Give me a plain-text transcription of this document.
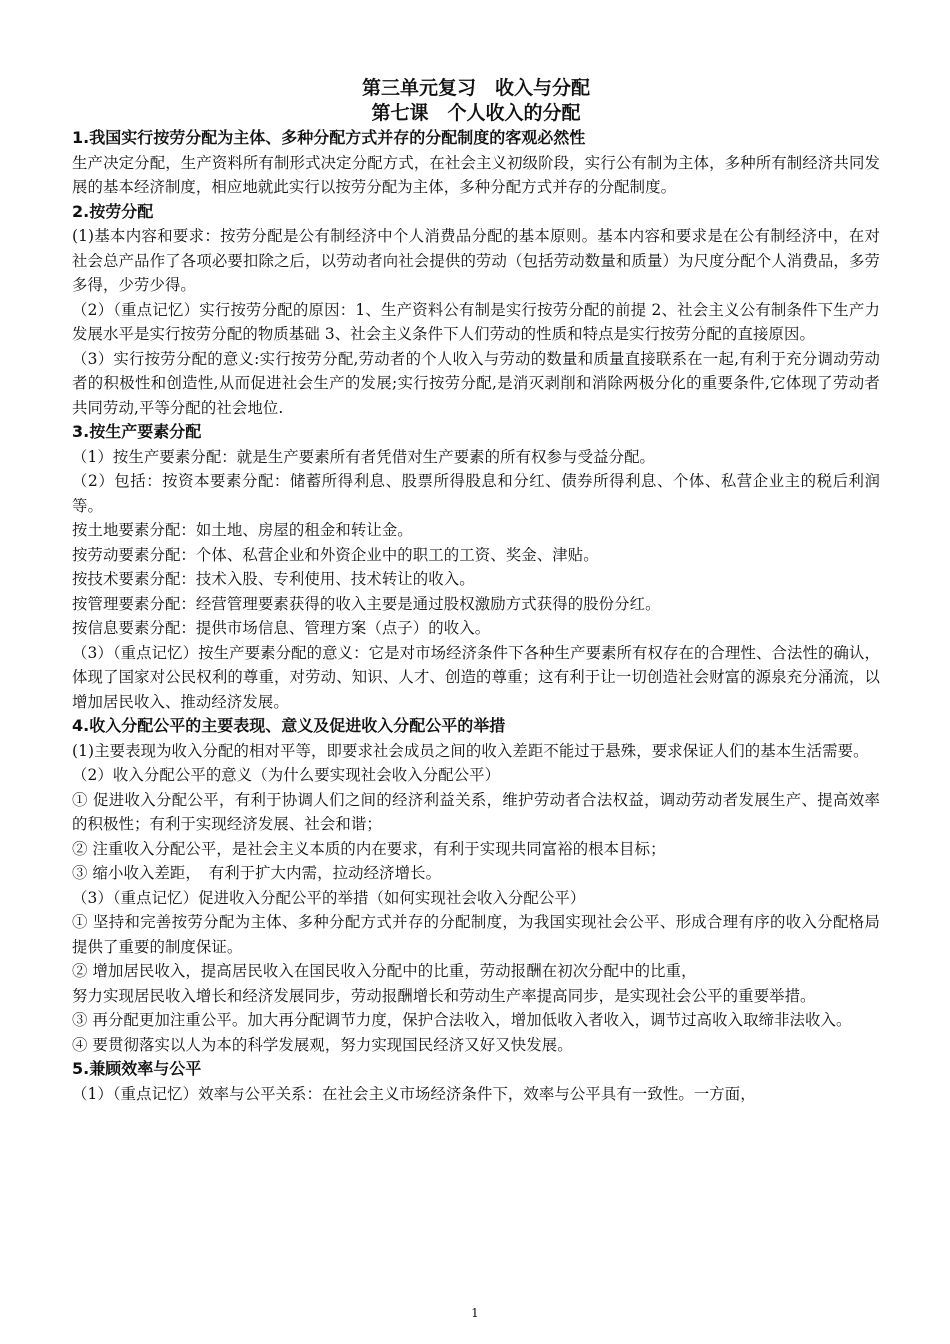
第三单元复习　收入与分配

第七课　个人收入的分配

1.我国实行按劳分配为主体、多种分配方式并存的分配制度的客观必然性

生产决定分配，生产资料所有制形式决定分配方式，在社会主义初级阶段，实行公有制为主体，多种所有制经济共同发展的基本经济制度，相应地就此实行以按劳分配为主体，多种分配方式并存的分配制度。

2.按劳分配

(1)基本内容和要求：按劳分配是公有制经济中个人消费品分配的基本原则。基本内容和要求是在公有制经济中，在对社会总产品作了各项必要扣除之后，以劳动者向社会提供的劳动（包括劳动数量和质量）为尺度分配个人消费品，多劳多得，少劳少得。

（2）（重点记忆）实行按劳分配的原因：1、生产资料公有制是实行按劳分配的前提 2、社会主义公有制条件下生产力发展水平是实行按劳分配的物质基础 3、社会主义条件下人们劳动的性质和特点是实行按劳分配的直接原因。

（3）实行按劳分配的意义:实行按劳分配,劳动者的个人收入与劳动的数量和质量直接联系在一起,有利于充分调动劳动者的积极性和创造性,从而促进社会生产的发展;实行按劳分配,是消灭剥削和消除两极分化的重要条件,它体现了劳动者共同劳动,平等分配的社会地位.

3.按生产要素分配

（1）按生产要素分配：就是生产要素所有者凭借对生产要素的所有权参与受益分配。

（2）包括：按资本要素分配：储蓄所得利息、股票所得股息和分红、债券所得利息、个体、私营企业主的税后利润等。

按土地要素分配：如土地、房屋的租金和转让金。

按劳动要素分配：个体、私营企业和外资企业中的职工的工资、奖金、津贴。

按技术要素分配：技术入股、专利使用、技术转让的收入。

按管理要素分配：经营管理要素获得的收入主要是通过股权激励方式获得的股份分红。

按信息要素分配：提供市场信息、管理方案（点子）的收入。

（3）（重点记忆）按生产要素分配的意义：它是对市场经济条件下各种生产要素所有权存在的合理性、合法性的确认，体现了国家对公民权利的尊重，对劳动、知识、人才、创造的尊重；这有利于让一切创造社会财富的源泉充分涌流，以增加居民收入、推动经济发展。

4.收入分配公平的主要表现、意义及促进收入分配公平的举措

(1)主要表现为收入分配的相对平等，即要求社会成员之间的收入差距不能过于悬殊，要求保证人们的基本生活需要。

（2）收入分配公平的意义（为什么要实现社会收入分配公平）

① 促进收入分配公平，有利于协调人们之间的经济利益关系，维护劳动者合法权益，调动劳动者发展生产、提高效率的积极性；有利于实现经济发展、社会和谐；

② 注重收入分配公平，是社会主义本质的内在要求，有利于实现共同富裕的根本目标；

③ 缩小收入差距，　有利于扩大内需，拉动经济增长。

（3）（重点记忆）促进收入分配公平的举措（如何实现社会收入分配公平）

① 坚持和完善按劳分配为主体、多种分配方式并存的分配制度，为我国实现社会公平、形成合理有序的收入分配格局提供了重要的制度保证。

② 增加居民收入，提高居民收入在国民收入分配中的比重，劳动报酬在初次分配中的比重，

努力实现居民收入增长和经济发展同步，劳动报酬增长和劳动生产率提高同步，是实现社会公平的重要举措。

③ 再分配更加注重公平。加大再分配调节力度，保护合法收入，增加低收入者收入，调节过高收入取缔非法收入。

④ 要贯彻落实以人为本的科学发展观，努力实现国民经济又好又快发展。

5.兼顾效率与公平

（1）（重点记忆）效率与公平关系：在社会主义市场经济条件下，效率与公平具有一致性。一方面，

1
